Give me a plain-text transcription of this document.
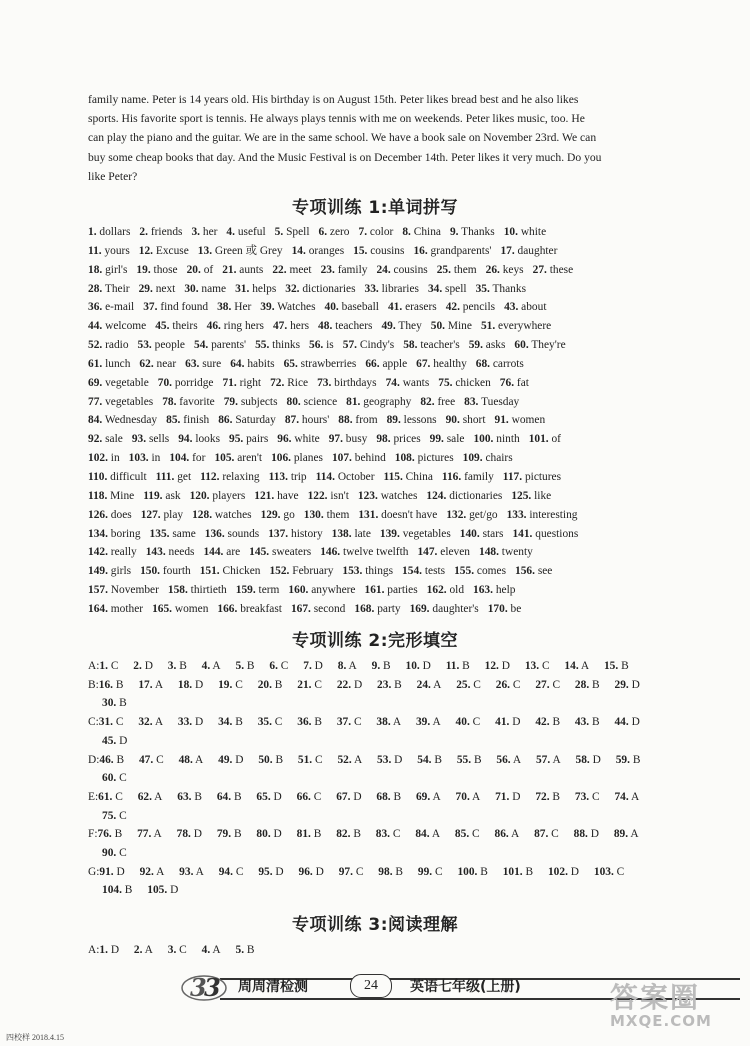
family name. Peter is 14 years old. His birthday is on August 15th. Peter likes bread best and he also likes

sports. His favorite sport is tennis. He always plays tennis with me on weekends. Peter likes music, too. He

can play the piano and the guitar. We are in the same school. We have a book sale on November 23rd. We can

buy some cheap books that day. And the Music Festival is on December 14th. Peter likes it very much. Do you

like Peter?

专项训练 1:单词拼写
1. dollars 2. friends 3. her 4. useful 5. Spell 6. zero 7. color 8. China 9. Thanks 10. white
11. yours 12. Excuse 13. Green 或 Grey 14. oranges 15. cousins 16. grandparents' 17. daughter
18. girl's 19. those 20. of 21. aunts 22. meet 23. family 24. cousins 25. them 26. keys 27. these
28. Their 29. next 30. name 31. helps 32. dictionaries 33. libraries 34. spell 35. Thanks
36. e-mail 37. find found 38. Her 39. Watches 40. baseball 41. erasers 42. pencils 43. about
44. welcome 45. theirs 46. ring hers 47. hers 48. teachers 49. They 50. Mine 51. everywhere
52. radio 53. people 54. parents' 55. thinks 56. is 57. Cindy's 58. teacher's 59. asks 60. They're
61. lunch 62. near 63. sure 64. habits 65. strawberries 66. apple 67. healthy 68. carrots
69. vegetable 70. porridge 71. right 72. Rice 73. birthdays 74. wants 75. chicken 76. fat
77. vegetables 78. favorite 79. subjects 80. science 81. geography 82. free 83. Tuesday
84. Wednesday 85. finish 86. Saturday 87. hours' 88. from 89. lessons 90. short 91. women
92. sale 93. sells 94. looks 95. pairs 96. white 97. busy 98. prices 99. sale 100. ninth 101. of
102. in 103. in 104. for 105. aren't 106. planes 107. behind 108. pictures 109. chairs
110. difficult 111. get 112. relaxing 113. trip 114. October 115. China 116. family 117. pictures
118. Mine 119. ask 120. players 121. have 122. isn't 123. watches 124. dictionaries 125. like
126. does 127. play 128. watches 129. go 130. them 131. doesn't have 132. get/go 133. interesting
134. boring 135. same 136. sounds 137. history 138. late 139. vegetables 140. stars 141. questions
142. really 143. needs 144. are 145. sweaters 146. twelve twelfth 147. eleven 148. twenty
149. girls 150. fourth 151. Chicken 152. February 153. things 154. tests 155. comes 156. see
157. November 158. thirtieth 159. term 160. anywhere 161. parties 162. old 163. help
164. mother 165. women 166. breakfast 167. second 168. party 169. daughter's 170. be
专项训练 2:完形填空
A:1. C 2. D 3. B 4. A 5. B 6. C 7. D 8. A 9. B 10. D 11. B 12. D 13. C 14. A 15. B
B:16. B 17. A 18. D 19. C 20. B 21. C 22. D 23. B 24. A 25. C 26. C 27. C 28. B 29. D 30. B
C:31. C 32. A 33. D 34. B 35. C 36. B 37. C 38. A 39. A 40. C 41. D 42. B 43. B 44. D 45. D
D:46. B 47. C 48. A 49. D 50. B 51. C 52. A 53. D 54. B 55. B 56. A 57. A 58. D 59. B 60. C
E:61. C 62. A 63. B 64. B 65. D 66. C 67. D 68. B 69. A 70. A 71. D 72. B 73. C 74. A 75. C
F:76. B 77. A 78. D 79. B 80. D 81. B 82. B 83. C 84. A 85. C 86. A 87. C 88. D 89. A 90. C
G:91. D 92. A 93. A 94. C 95. D 96. D 97. C 98. B 99. C 100. B 101. B 102. D 103. C 104. B 105. D
专项训练 3:阅读理解
A:1. D 2. A 3. C 4. A 5. B
3
3 周周清检测	24	英语七年级(上册)	答案圈
MXQE.COM
四校样 2018.4.15
